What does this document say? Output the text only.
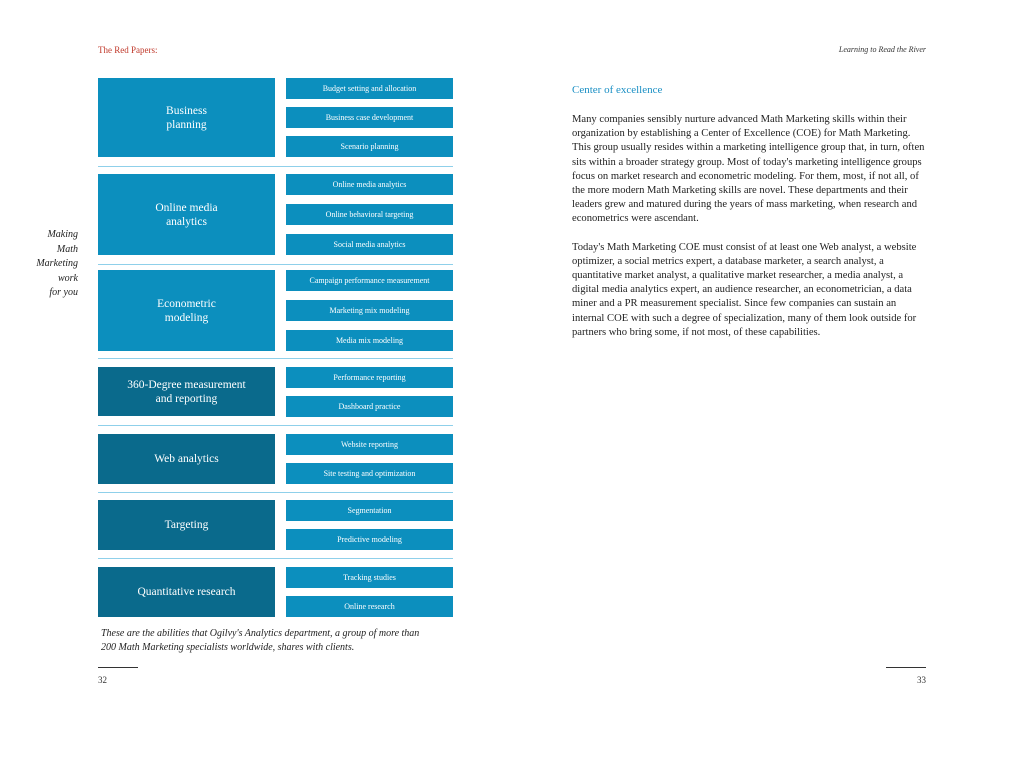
The Red Papers:	Learning to Read the River
Making
Math
Marketing
work
for you
Business
planning
Budget setting and allocation
Business case development
Scenario planning
Online media
analytics
Online media analytics
Online behavioral targeting
Social media analytics
Econometric
modeling
Campaign performance measurement
Marketing mix modeling
Media mix modeling
360-Degree measurement
and reporting
Performance reporting
Dashboard practice
Web analytics
Website reporting
Site testing and optimization
Targeting
Segmentation
Predictive modeling
Quantitative research
Tracking studies
Online research
These are the abilities that Ogilvy's Analytics department, a group of more than 200 Math Marketing specialists worldwide, shares with clients.
32	33
Center of excellence

Many companies sensibly nurture advanced Math Marketing skills within their organization by establishing a Center of Excellence (COE) for Math Marketing. This group usually resides within a marketing intelligence group that, in turn, often sits within a broader strategy group. Most of today's marketing intelligence groups focus on market research and econometric modeling. For them, most, if not all, of the more modern Math Marketing skills are novel. These departments and their leaders grew and matured during the years of mass marketing, when research and econometrics were ascendant.

Today's Math Marketing COE must consist of at least one Web analyst, a website optimizer, a social metrics expert, a database marketer, a search analyst, a quantitative market analyst, a qualitative market researcher, a media analyst, a digital media analytics expert, an audience researcher, an econometrician, a data miner and a PR measurement specialist. Since few companies can sustain an internal COE with such a degree of specialization, many of them look outside for partners who bring some, if not most, of these capabilities.
